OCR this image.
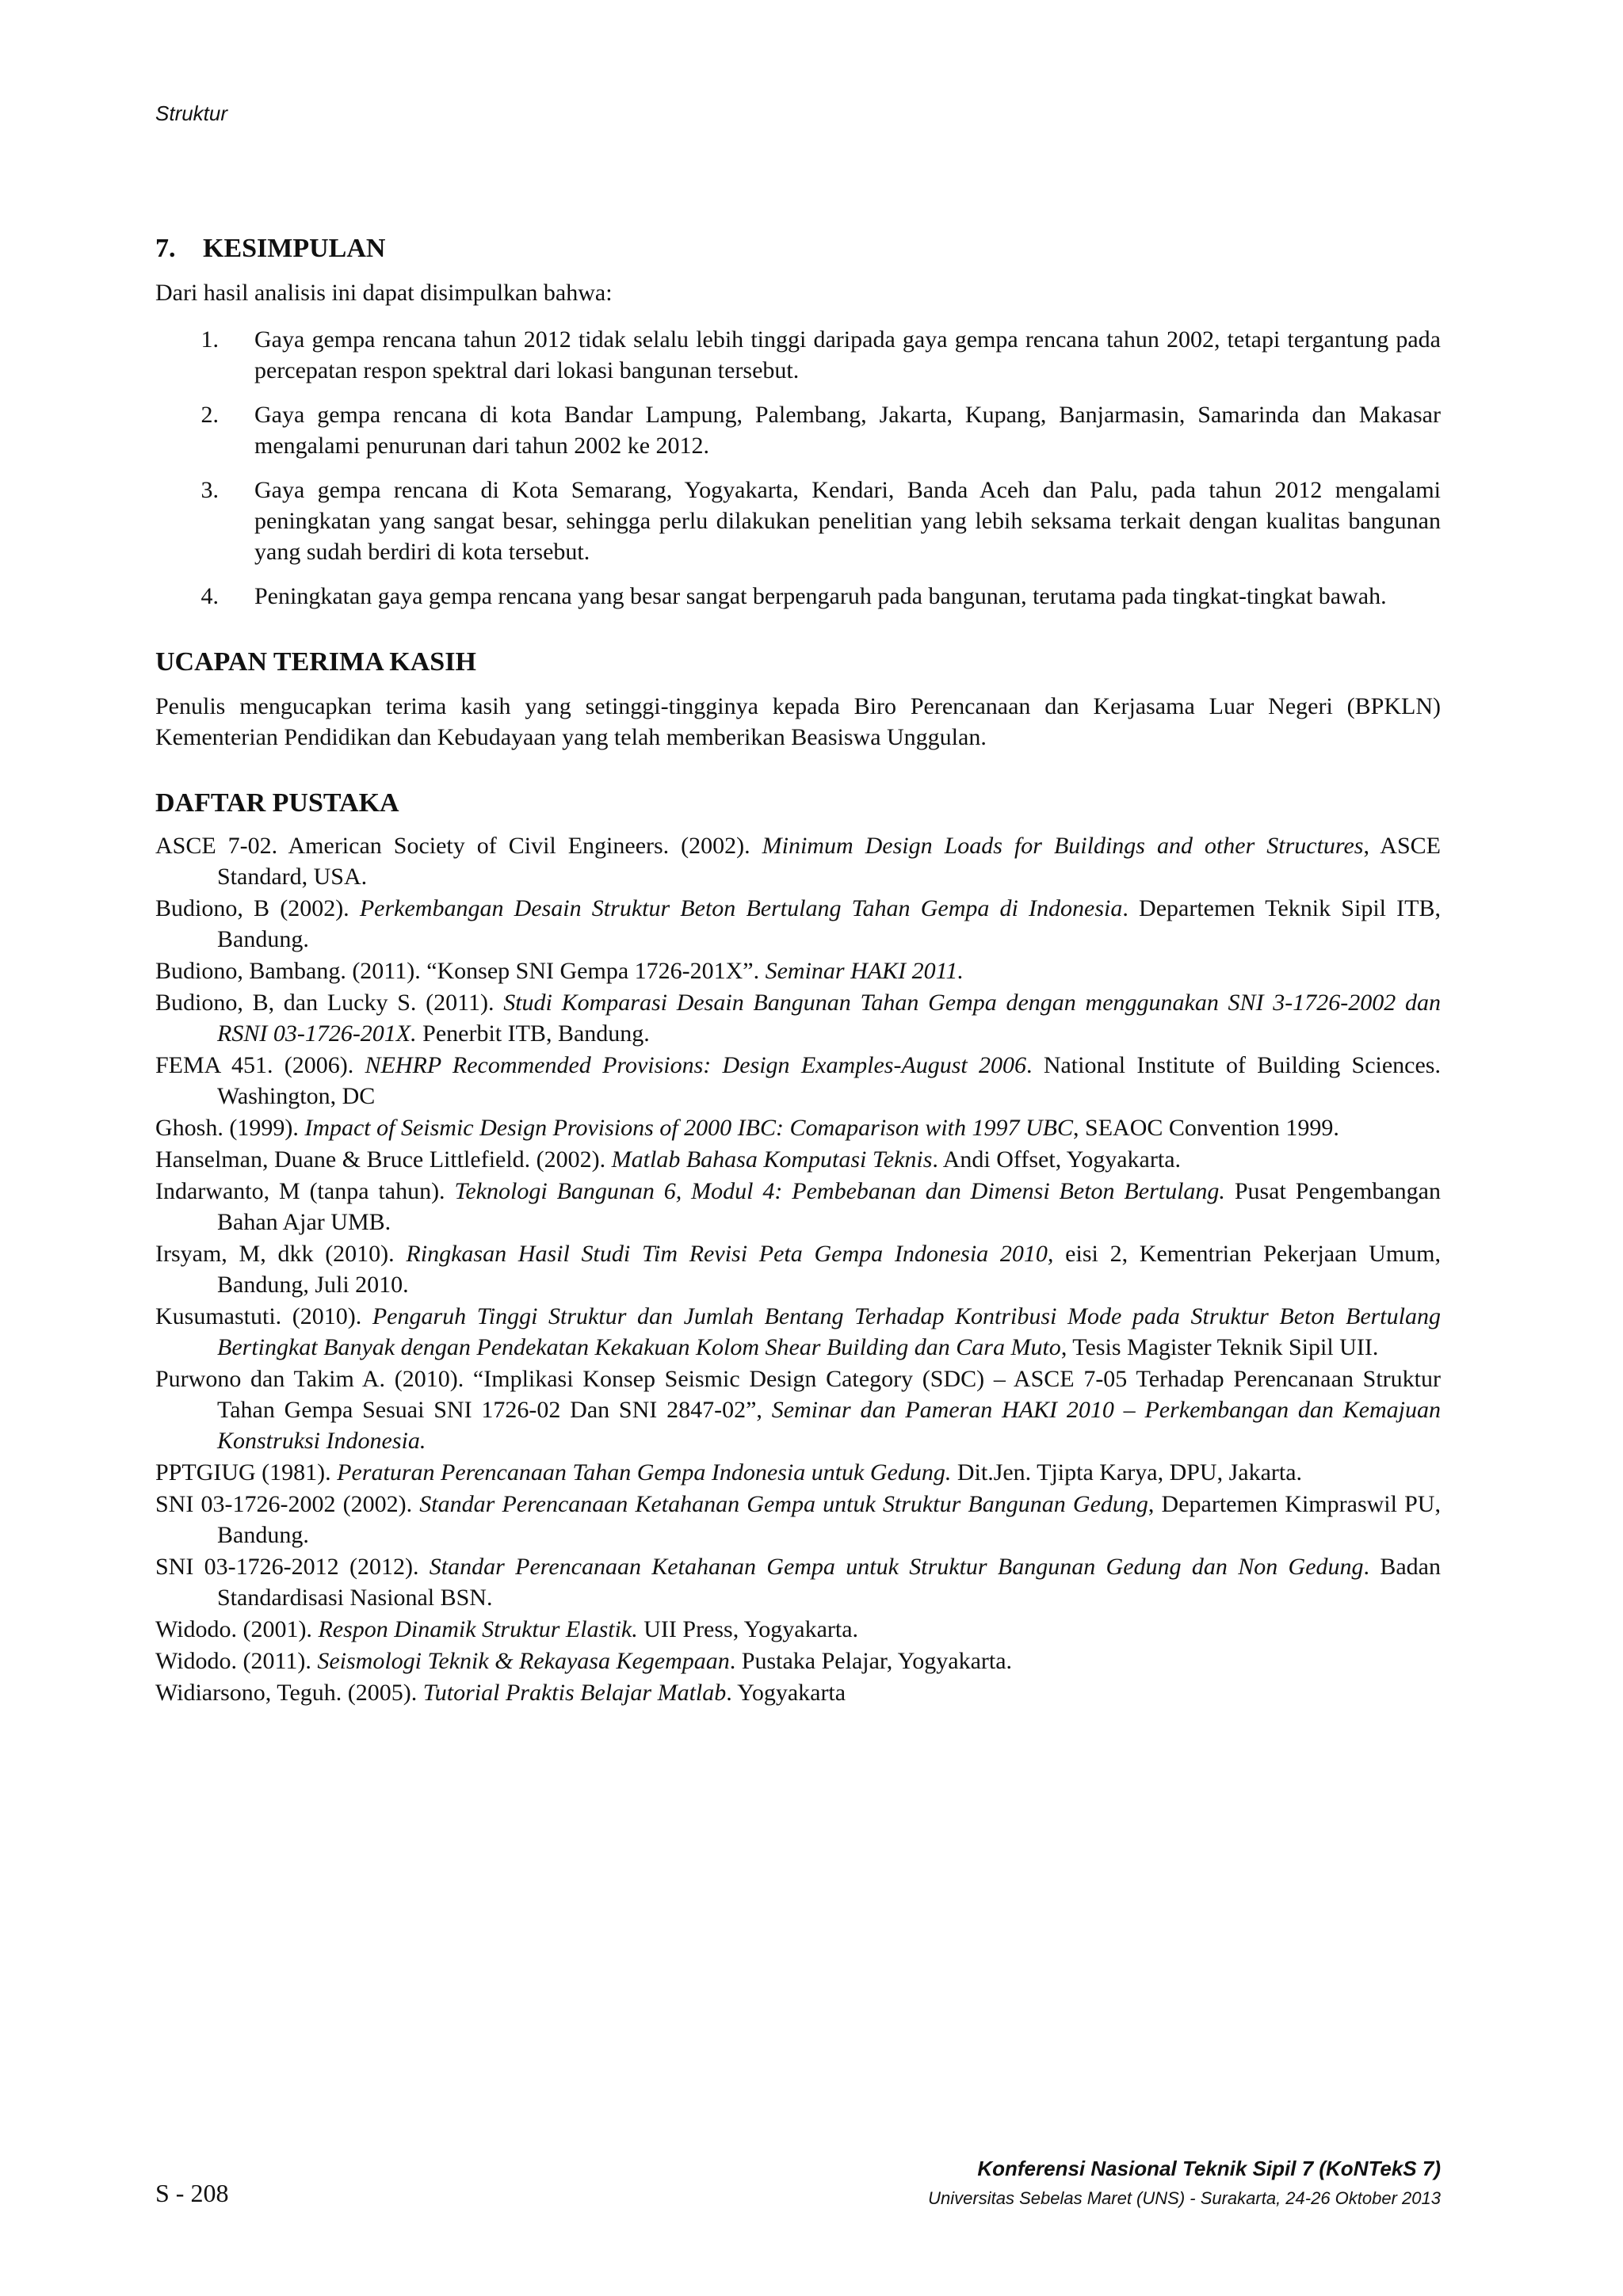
Struktur
7. KESIMPULAN

Dari hasil analisis ini dapat disimpulkan bahwa:

1.	Gaya gempa rencana tahun 2012 tidak selalu lebih tinggi daripada gaya gempa rencana tahun 2002, tetapi tergantung pada percepatan respon spektral dari lokasi bangunan tersebut.
2.	Gaya gempa rencana di kota Bandar Lampung, Palembang, Jakarta, Kupang, Banjarmasin, Samarinda dan Makasar mengalami penurunan dari tahun 2002 ke 2012.
3.	Gaya gempa rencana di Kota Semarang, Yogyakarta, Kendari, Banda Aceh dan Palu, pada tahun 2012 mengalami peningkatan yang sangat besar, sehingga perlu dilakukan penelitian yang lebih seksama terkait dengan kualitas bangunan yang sudah berdiri di kota tersebut.
4.	Peningkatan gaya gempa rencana yang besar sangat berpengaruh pada bangunan, terutama pada tingkat-tingkat bawah.
UCAPAN TERIMA KASIH

Penulis mengucapkan terima kasih yang setinggi-tingginya kepada Biro Perencanaan dan Kerjasama Luar Negeri (BPKLN) Kementerian Pendidikan dan Kebudayaan yang telah memberikan Beasiswa Unggulan.

DAFTAR PUSTAKA
ASCE 7-02. American Society of Civil Engineers. (2002). Minimum Design Loads for Buildings and other Structures, ASCE Standard, USA.
Budiono, B (2002). Perkembangan Desain Struktur Beton Bertulang Tahan Gempa di Indonesia. Departemen Teknik Sipil ITB, Bandung.
Budiono, Bambang. (2011). “Konsep SNI Gempa 1726-201X”. Seminar HAKI 2011.
Budiono, B, dan Lucky S. (2011). Studi Komparasi Desain Bangunan Tahan Gempa dengan menggunakan SNI 3-1726-2002 dan RSNI 03-1726-201X. Penerbit ITB, Bandung.
FEMA 451. (2006). NEHRP Recommended Provisions: Design Examples-August 2006. National Institute of Building Sciences. Washington, DC
Ghosh. (1999). Impact of Seismic Design Provisions of 2000 IBC: Comaparison with 1997 UBC, SEAOC Convention 1999.
Hanselman, Duane & Bruce Littlefield. (2002). Matlab Bahasa Komputasi Teknis. Andi Offset, Yogyakarta.
Indarwanto, M (tanpa tahun). Teknologi Bangunan 6, Modul 4: Pembebanan dan Dimensi Beton Bertulang. Pusat Pengembangan Bahan Ajar UMB.
Irsyam, M, dkk (2010). Ringkasan Hasil Studi Tim Revisi Peta Gempa Indonesia 2010, eisi 2, Kementrian Pekerjaan Umum, Bandung, Juli 2010.
Kusumastuti. (2010). Pengaruh Tinggi Struktur dan Jumlah Bentang Terhadap Kontribusi Mode pada Struktur Beton Bertulang Bertingkat Banyak dengan Pendekatan Kekakuan Kolom Shear Building dan Cara Muto, Tesis Magister Teknik Sipil UII.
Purwono dan Takim A. (2010). “Implikasi Konsep Seismic Design Category (SDC) – ASCE 7-05 Terhadap Perencanaan Struktur Tahan Gempa Sesuai SNI 1726-02 Dan SNI 2847-02”, Seminar dan Pameran HAKI 2010 – Perkembangan dan Kemajuan Konstruksi Indonesia.
PPTGIUG (1981). Peraturan Perencanaan Tahan Gempa Indonesia untuk Gedung. Dit.Jen. Tjipta Karya, DPU, Jakarta.
SNI 03-1726-2002 (2002). Standar Perencanaan Ketahanan Gempa untuk Struktur Bangunan Gedung, Departemen Kimpraswil PU, Bandung.
SNI 03-1726-2012 (2012). Standar Perencanaan Ketahanan Gempa untuk Struktur Bangunan Gedung dan Non Gedung. Badan Standardisasi Nasional BSN.
Widodo. (2001). Respon Dinamik Struktur Elastik. UII Press, Yogyakarta.
Widodo. (2011). Seismologi Teknik & Rekayasa Kegempaan. Pustaka Pelajar, Yogyakarta.
Widiarsono, Teguh. (2005). Tutorial Praktis Belajar Matlab. Yogyakarta
Konferensi Nasional Teknik Sipil 7 (KoNTekS 7)
Universitas Sebelas Maret (UNS) - Surakarta, 24-26 Oktober 2013
S - 208
